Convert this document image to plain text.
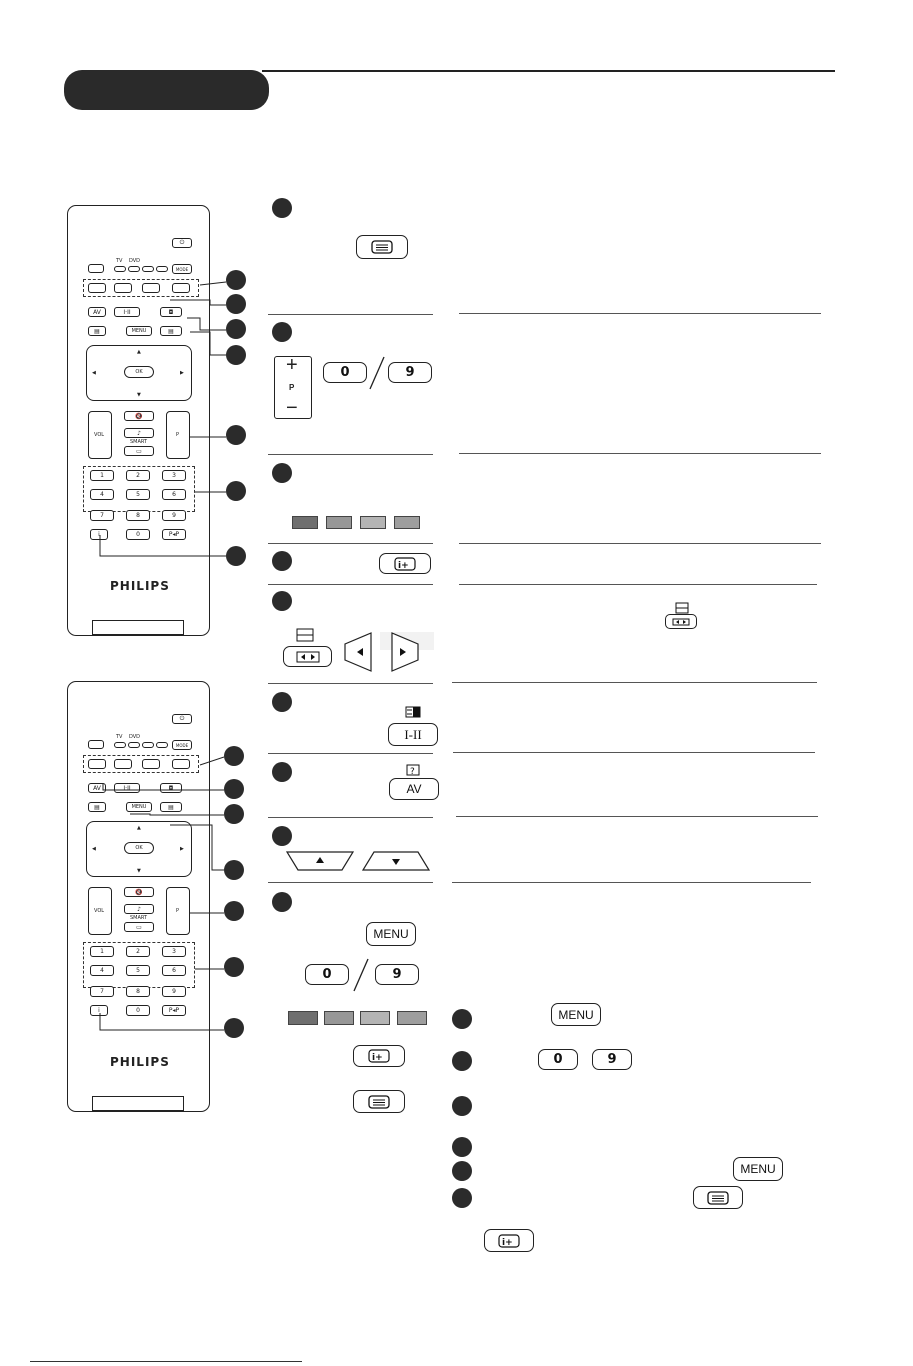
⏻
TV DVD
MODE
AV	I·II	◘
▤	MENU	▤
OK
▲
▼
◀	▶
VOL
🔇
♪
SMART
▭
P
1	2	3
4	5	6
7	8	9
i	0	P◂P
PHILIPS
⏻
TV DVD
MODE
AV	I·II	◘
▤	MENU	▤
OK
▲
▼
◀	▶
VOL
🔇
♪
SMART
▭
P
1	2	3
4	5	6
7	8	9
i	0	P◂P
PHILIPS
+
P
−
0	9
i+
I-II
?
AV
MENU
0	9
i+
MENU
0	9
MENU
i+
